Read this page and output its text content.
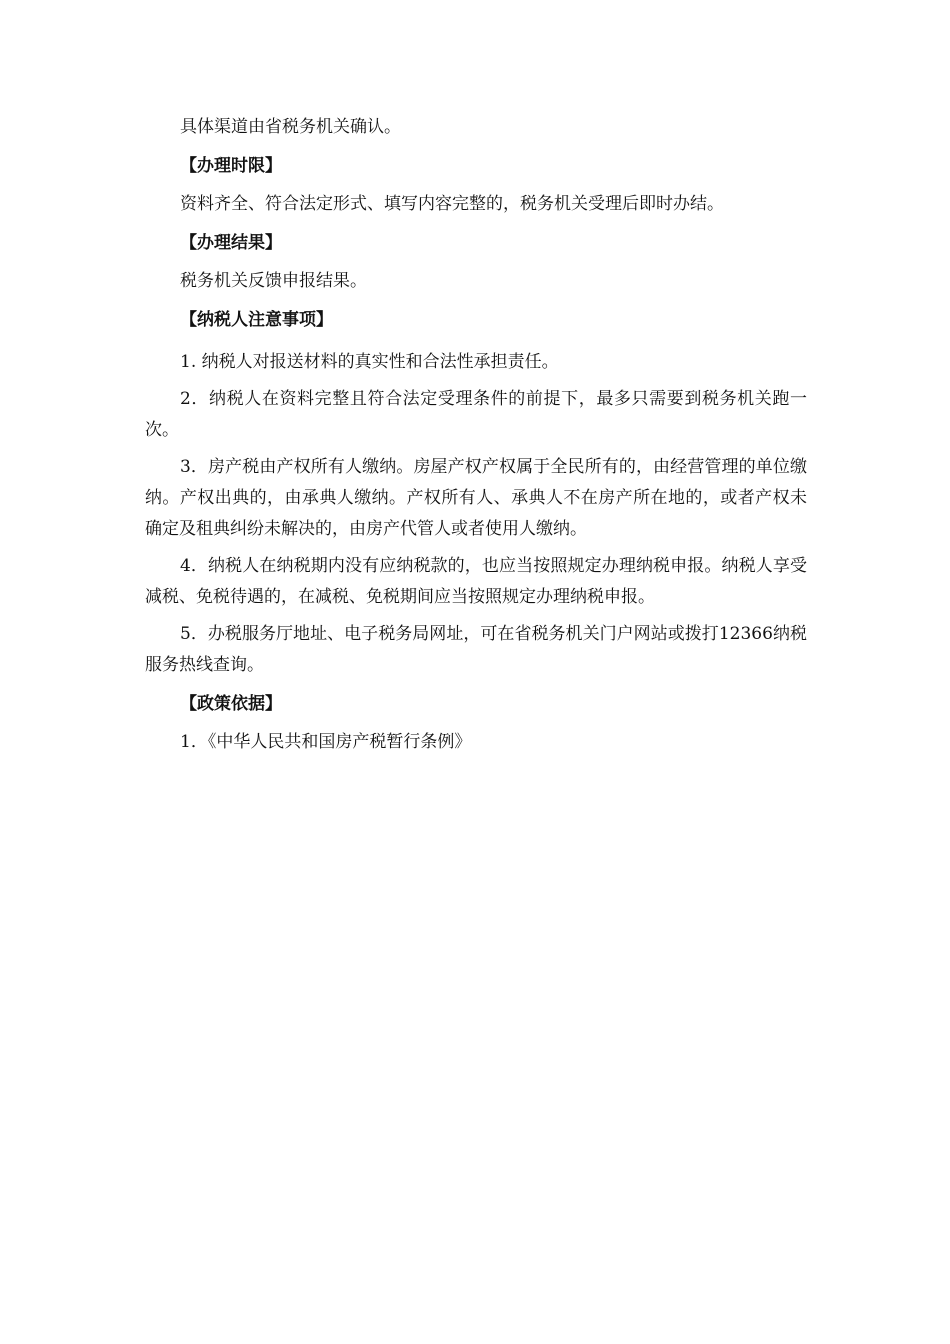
具体渠道由省税务机关确认。

【办理时限】

资料齐全、符合法定形式、填写内容完整的，税务机关受理后即时办结。

【办理结果】

税务机关反馈申报结果。

【纳税人注意事项】

1. 纳税人对报送材料的真实性和合法性承担责任。

2．纳税人在资料完整且符合法定受理条件的前提下，最多只需要到税务机关跑一次。

3．房产税由产权所有人缴纳。房屋产权产权属于全民所有的，由经营管理的单位缴纳。产权出典的，由承典人缴纳。产权所有人、承典人不在房产所在地的，或者产权未确定及租典纠纷未解决的，由房产代管人或者使用人缴纳。

4．纳税人在纳税期内没有应纳税款的，也应当按照规定办理纳税申报。纳税人享受减税、免税待遇的，在减税、免税期间应当按照规定办理纳税申报。

5．办税服务厅地址、电子税务局网址，可在省税务机关门户网站或拨打12366纳税服务热线查询。

【政策依据】

1．《中华人民共和国房产税暂行条例》
